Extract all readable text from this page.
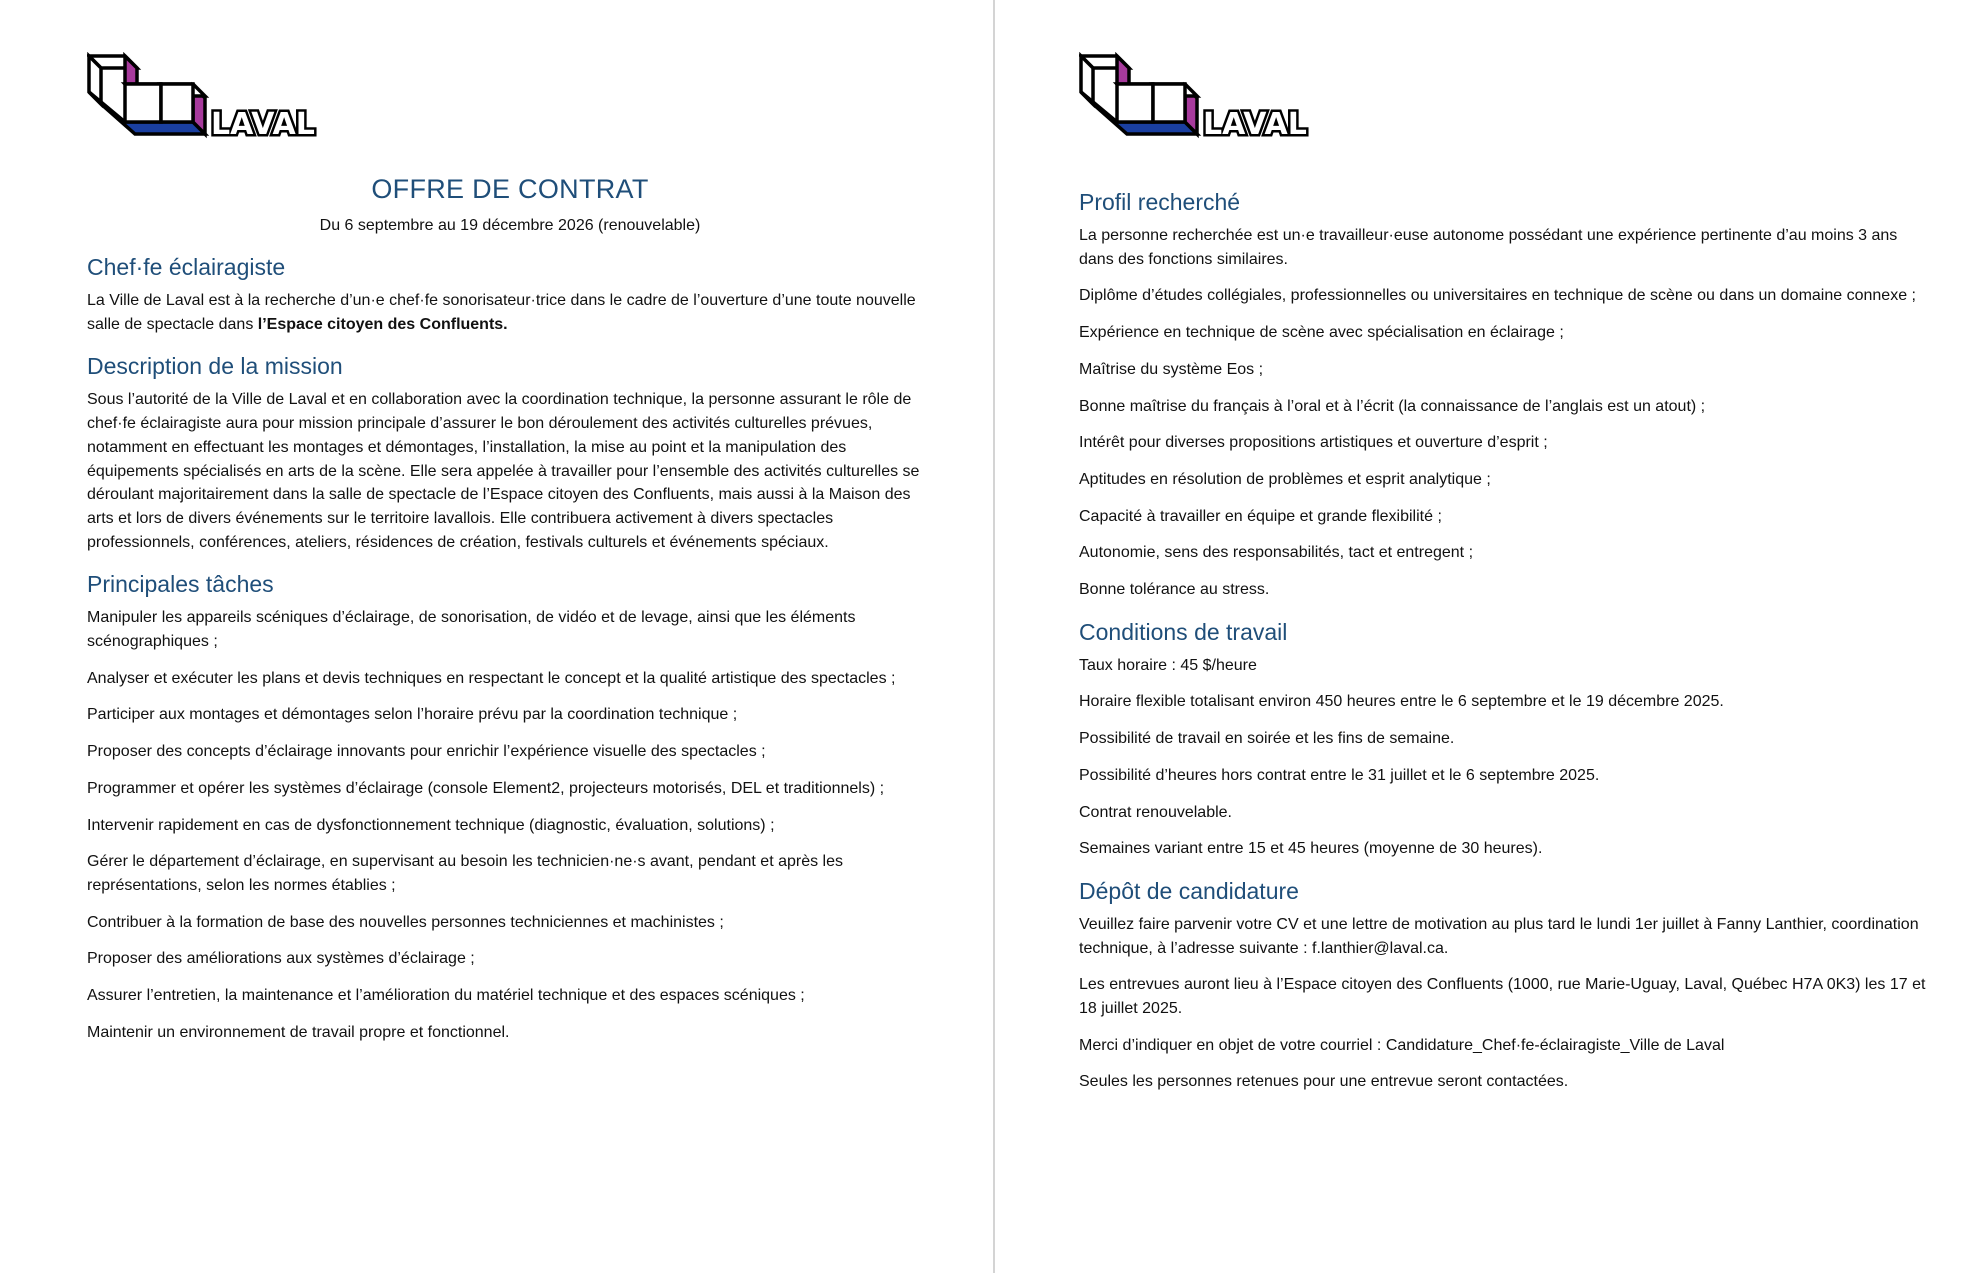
LAVAL
OFFRE DE CONTRAT
Du 6 septembre au 19 décembre 2026 (renouvelable)
Chef·fe éclairagiste

La Ville de Laval est à la recherche d’un·e chef·fe sonorisateur·trice dans le cadre de l’ouverture d’une toute nouvelle salle de spectacle dans l’Espace citoyen des Confluents.

Description de la mission

Sous l’autorité de la Ville de Laval et en collaboration avec la coordination technique, la personne assurant le rôle de chef·fe éclairagiste aura pour mission principale d’assurer le bon déroulement des activités culturelles prévues, notamment en effectuant les montages et démontages, l’installation, la mise au point et la manipulation des équipements spécialisés en arts de la scène. Elle sera appelée à travailler pour l’ensemble des activités culturelles se déroulant majoritairement dans la salle de spectacle de l’Espace citoyen des Confluents, mais aussi à la Maison des arts et lors de divers événements sur le territoire lavallois. Elle contribuera activement à divers spectacles professionnels, conférences, ateliers, résidences de création, festivals culturels et événements spéciaux.

Principales tâches

Manipuler les appareils scéniques d’éclairage, de sonorisation, de vidéo et de levage, ainsi que les éléments scénographiques ;

Analyser et exécuter les plans et devis techniques en respectant le concept et la qualité artistique des spectacles ;

Participer aux montages et démontages selon l’horaire prévu par la coordination technique ;

Proposer des concepts d’éclairage innovants pour enrichir l’expérience visuelle des spectacles ;

Programmer et opérer les systèmes d’éclairage (console Element2, projecteurs motorisés, DEL et traditionnels) ;

Intervenir rapidement en cas de dysfonctionnement technique (diagnostic, évaluation, solutions) ;

Gérer le département d’éclairage, en supervisant au besoin les technicien·ne·s avant, pendant et après les représentations, selon les normes établies ;

Contribuer à la formation de base des nouvelles personnes techniciennes et machinistes ;

Proposer des améliorations aux systèmes d’éclairage ;

Assurer l’entretien, la maintenance et l’amélioration du matériel technique et des espaces scéniques ;

Maintenir un environnement de travail propre et fonctionnel.

LAVAL
Profil recherché

La personne recherchée est un·e travailleur·euse autonome possédant une expérience pertinente d’au moins 3 ans dans des fonctions similaires.

Diplôme d’études collégiales, professionnelles ou universitaires en technique de scène ou dans un domaine connexe ;

Expérience en technique de scène avec spécialisation en éclairage ;

Maîtrise du système Eos ;

Bonne maîtrise du français à l’oral et à l’écrit (la connaissance de l’anglais est un atout) ;

Intérêt pour diverses propositions artistiques et ouverture d’esprit ;

Aptitudes en résolution de problèmes et esprit analytique ;

Capacité à travailler en équipe et grande flexibilité ;

Autonomie, sens des responsabilités, tact et entregent ;

Bonne tolérance au stress.

Conditions de travail

Taux horaire : 45 $/heure

Horaire flexible totalisant environ 450 heures entre le 6 septembre et le 19 décembre 2025.

Possibilité de travail en soirée et les fins de semaine.

Possibilité d’heures hors contrat entre le 31 juillet et le 6 septembre 2025.

Contrat renouvelable.

Semaines variant entre 15 et 45 heures (moyenne de 30 heures).

Dépôt de candidature

Veuillez faire parvenir votre CV et une lettre de motivation au plus tard le lundi 1er juillet à Fanny Lanthier, coordination technique, à l’adresse suivante : f.lanthier@laval.ca.

Les entrevues auront lieu à l’Espace citoyen des Confluents (1000, rue Marie-Uguay, Laval, Québec H7A 0K3) les 17 et 18 juillet 2025.

Merci d’indiquer en objet de votre courriel : Candidature_Chef·fe-éclairagiste_Ville de Laval

Seules les personnes retenues pour une entrevue seront contactées.
